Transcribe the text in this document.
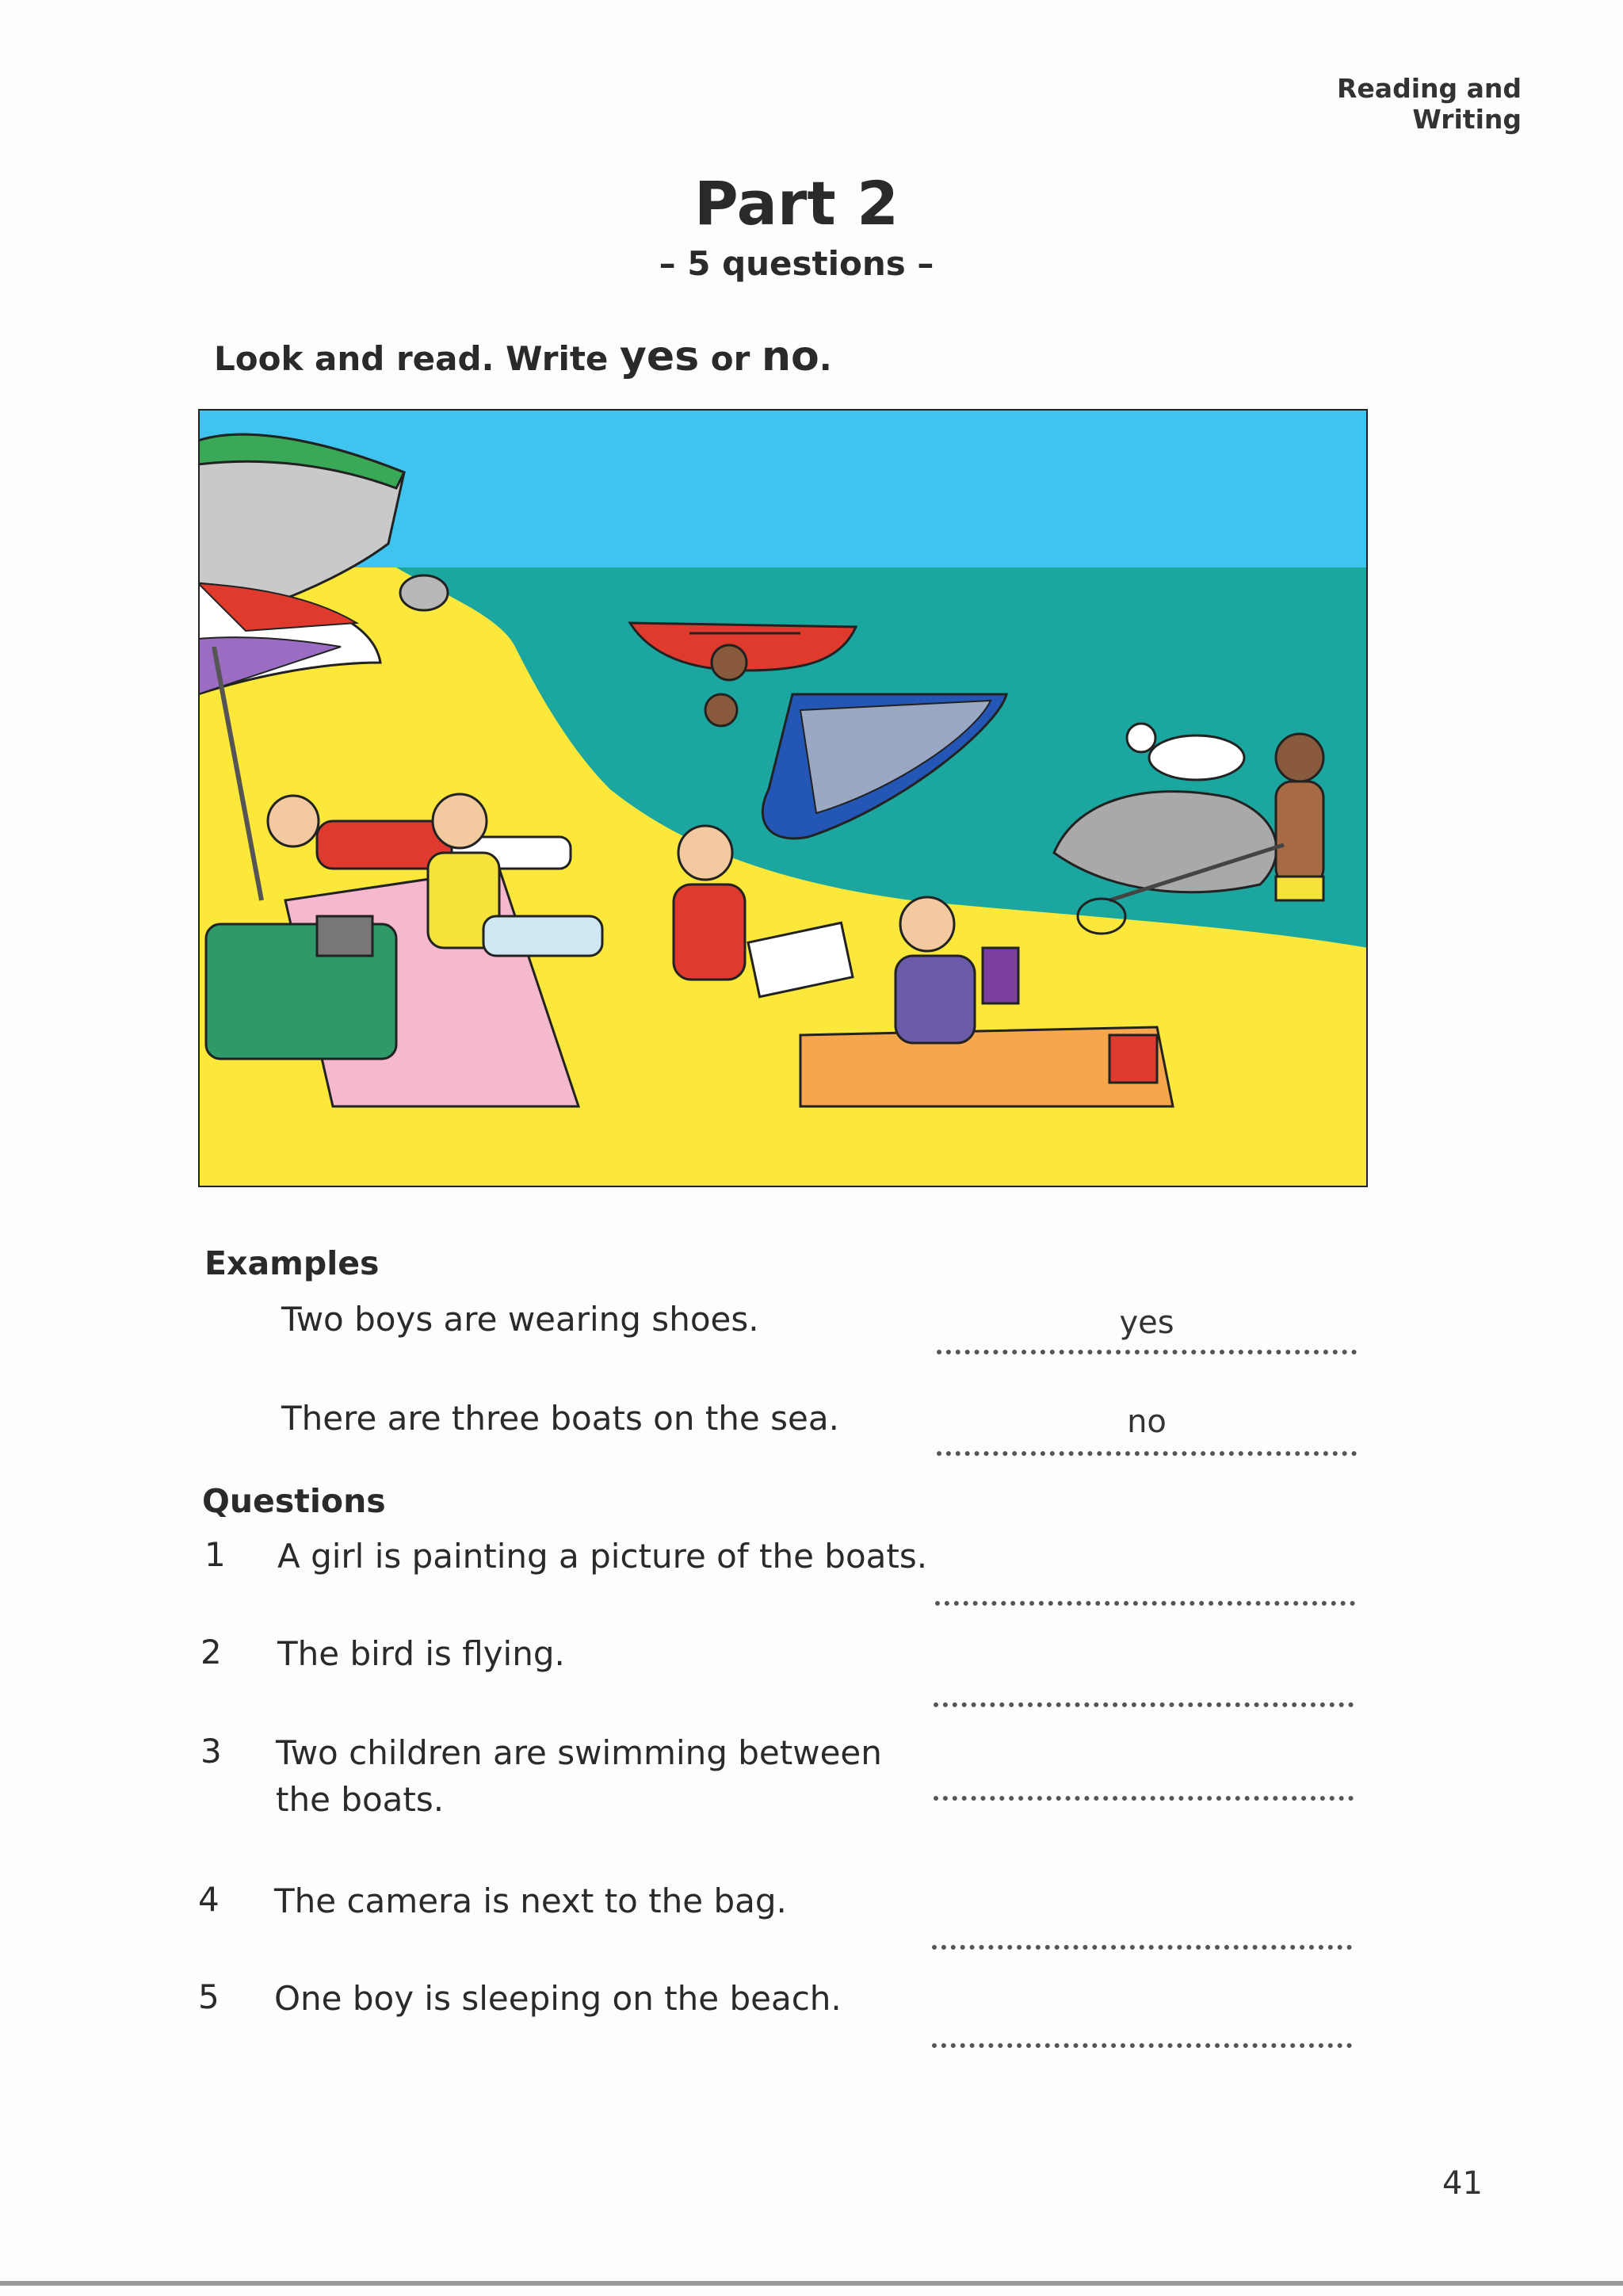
Reading and Writing
Part 2
– 5 questions –
Look and read. Write yes or no.
Examples
Two boys are wearing shoes.	yes
There are three boats on the sea.	no
Questions
1 A girl is painting a picture of the boats.
2 The bird is flying.
3 Two children are swimming between
the boats.
4 The camera is next to the bag.
5 One boy is sleeping on the beach.
41
